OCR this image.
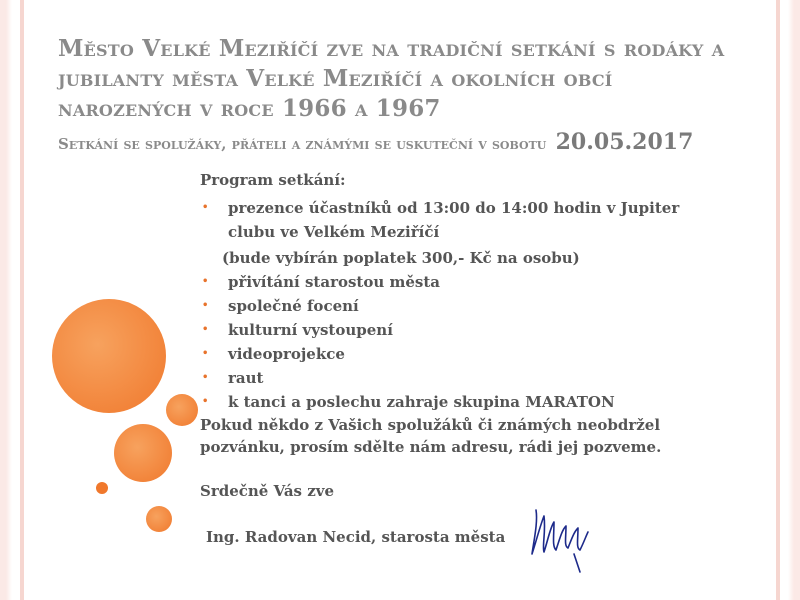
Město Velké Meziříčí zve na tradiční setkání s rodáky a jubilanty města Velké Meziříčí a okolních obcí narozených v roce 1966 a 1967

Setkání se spolužáky, přáteli a známými se uskuteční v sobotu 20.05.2017

Program setkání:

• prezence účastníků od 13:00 do 14:00 hodin v Jupiter clubu ve Velkém Meziříčí

(bude vybírán poplatek 300,- Kč na osobu)

• přivítání starostou města
• společné focení
• kulturní vystoupení
• videoprojekce
• raut
• k tanci a poslechu zahraje skupina MARATON

Pokud někdo z Vašich spolužáků či známých neobdržel pozvánku, prosím sdělte nám adresu, rádi jej pozveme.

Srdečně Vás zve

Ing. Radovan Necid, starosta města
